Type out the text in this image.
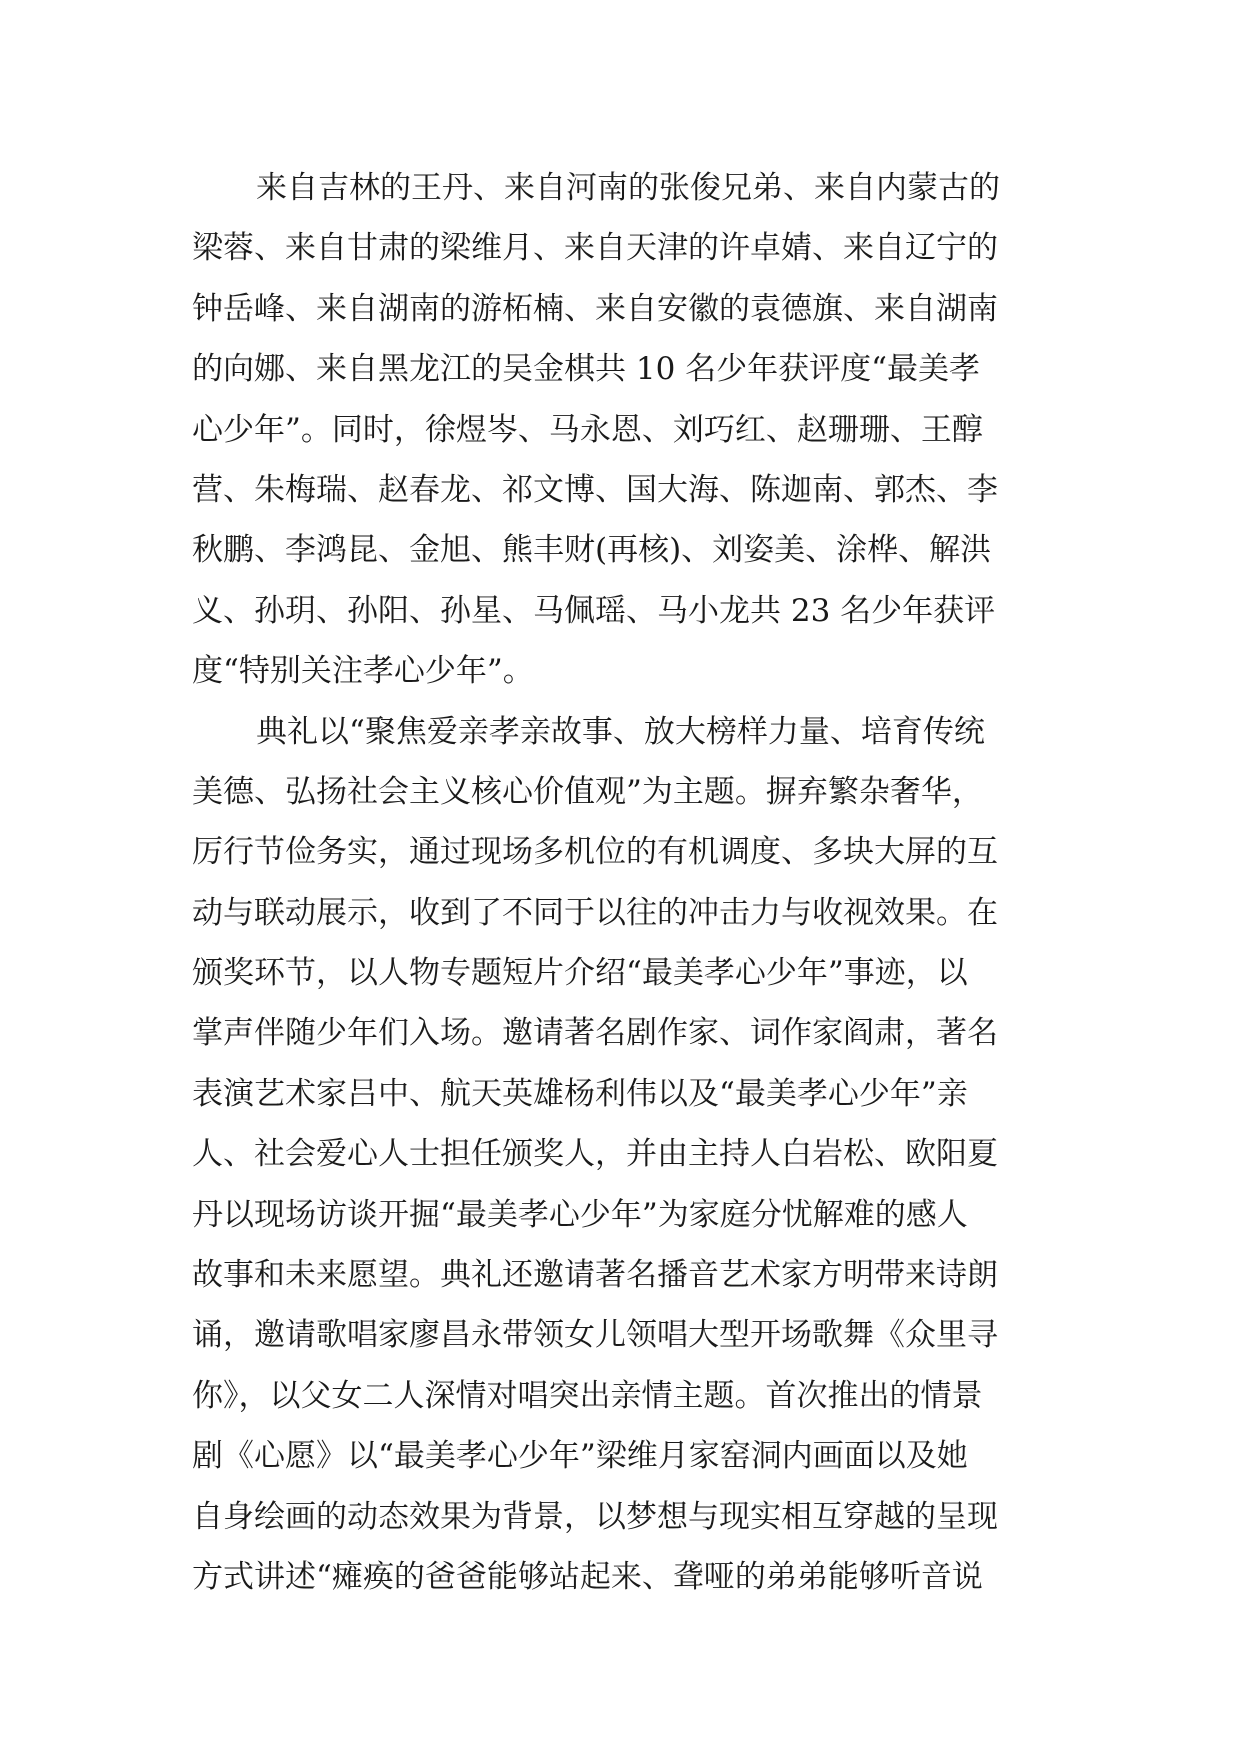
来自吉林的王丹、来自河南的张俊兄弟、来自内蒙古的
梁蓉、来自甘肃的梁维月、来自天津的许卓婧、来自辽宁的
钟岳峰、来自湖南的游柘楠、来自安徽的袁德旗、来自湖南
的向娜、来自黑龙江的吴金棋共 10 名少年获评度“最美孝
心少年”。同时，徐煜岑、马永恩、刘巧红、赵珊珊、王醇
营、朱梅瑞、赵春龙、祁文博、国大海、陈迦南、郭杰、李
秋鹏、李鸿昆、金旭、熊丰财(再核)、刘姿美、涂桦、解洪
义、孙玥、孙阳、孙星、马佩瑶、马小龙共 23 名少年获评
度“特别关注孝心少年”。
典礼以“聚焦爱亲孝亲故事、放大榜样力量、培育传统
美德、弘扬社会主义核心价值观”为主题。摒弃繁杂奢华，
厉行节俭务实，通过现场多机位的有机调度、多块大屏的互
动与联动展示，收到了不同于以往的冲击力与收视效果。在
颁奖环节，以人物专题短片介绍“最美孝心少年”事迹，以
掌声伴随少年们入场。邀请著名剧作家、词作家阎肃，著名
表演艺术家吕中、航天英雄杨利伟以及“最美孝心少年”亲
人、社会爱心人士担任颁奖人，并由主持人白岩松、欧阳夏
丹以现场访谈开掘“最美孝心少年”为家庭分忧解难的感人
故事和未来愿望。典礼还邀请著名播音艺术家方明带来诗朗
诵，邀请歌唱家廖昌永带领女儿领唱大型开场歌舞《众里寻
你》，以父女二人深情对唱突出亲情主题。首次推出的情景
剧《心愿》以“最美孝心少年”梁维月家窑洞内画面以及她
自身绘画的动态效果为背景，以梦想与现实相互穿越的呈现
方式讲述“瘫痪的爸爸能够站起来、聋哑的弟弟能够听音说
